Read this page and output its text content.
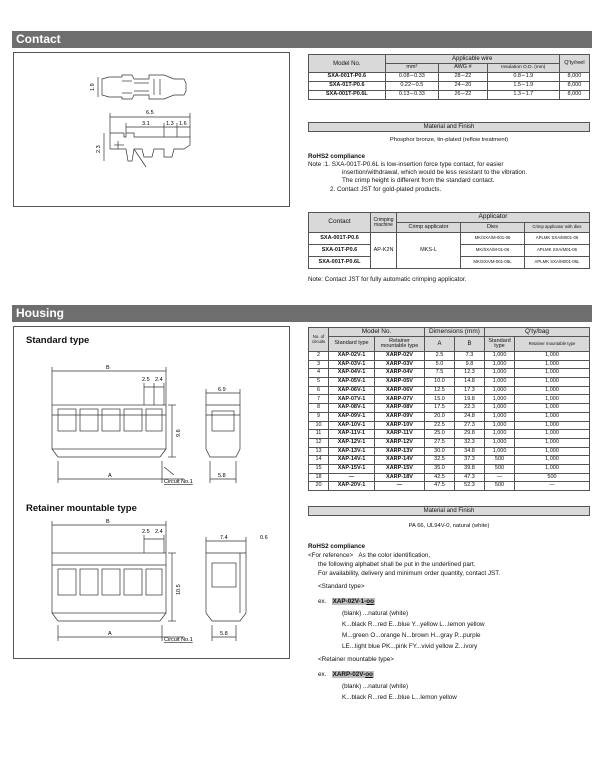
Contact
1.9
6.5
3.1	1.3 1.6
2.3
Model No.	Applicable wire			Q'ty/reel
	mm²	AWG #	Insulation O.D. (mm)	
SXA-001T-P0.6	0.08∼0.33	28∼22	0.8∼1.9	8,000
SXA-01T-P0.6	0.22∼0.5	24∼20	1.5∼1.9	8,000
SXA-001T-P0.6L	0.13∼0.33	26∼22	1.3∼1.7	8,000
Material and Finish
Phosphor bronze, tin-plated (reflow treatment)
RoHS2 compliance
Note :1. SXA-001T-P0.6L is low-insertion force type contact, for easier
insertion/withdrawal, which would be less resistant to the vibration.
The crimp height is different from the standard contact.
2. Contact JST for gold-plated products.
Contact	Crimping machine	Applicator		
		Crimp applicator	Dies	Crimp applicator with dies
SXA-001T-P0.6	AP-K2N	MKS-L	MK/SXA/M-001-06	APLMK SXA/M001-06
SXA-01T-P0.6			MK/SXA/M-01-06	APLMK SXA/M01-06
SXA-001T-P0.6L			MK/SXA/M-001-06L	APLMK SXA/M001-06L
Note: Contact JST for fully automatic crimping applicator.
Housing
Standard type
B
2.5 2.4
6.9
9.6
A
Circuit No.1
5.8
Retainer mountable type
B
2.5 2.4
7.4	0.6
10.5
A
Circuit No.1
5.8
No. of circuits	Model No.		Dimensions (mm)		Q'ty/bag	
	Standard type	Retainer mountable type	A	B	Standard type	Retainer mountable type
2	XAP-02V-1	XARP-02V	2.5	7.3	1,000	1,000
3	XAP-03V-1	XARP-03V	5.0	9.8	1,000	1,000
4	XAP-04V-1	XARP-04V	7.5	12.3	1,000	1,000
5	XAP-05V-1	XARP-05V	10.0	14.8	1,000	1,000
6	XAP-06V-1	XARP-06V	12.5	17.3	1,000	1,000
7	XAP-07V-1	XARP-07V	15.0	19.8	1,000	1,000
8	XAP-08V-1	XARP-08V	17.5	22.3	1,000	1,000
9	XAP-09V-1	XARP-09V	20.0	24.8	1,000	1,000
10	XAP-10V-1	XARP-10V	22.5	27.3	1,000	1,000
11	XAP-11V-1	XARP-11V	25.0	29.8	1,000	1,000
12	XAP-12V-1	XARP-12V	27.5	32.3	1,000	1,000
13	XAP-13V-1	XARP-13V	30.0	34.8	1,000	1,000
14	XAP-14V-1	XARP-14V	32.5	37.3	500	1,000
15	XAP-15V-1	XARP-15V	35.0	39.8	500	1,000
18	—	XARP-18V	42.5	47.3	—	500
20	XAP-20V-1	—	47.5	52.3	500	—
Material and Finish
PA 66, UL94V-0, natural (white)
RoHS2 compliance
<For reference> As the color identification,
the following alphabet shall be put in the underlined part.
For availability, delivery and minimum order quantity, contact JST.
<Standard type>
ex. XAP-02V-1-oo
(blank) ...natural (white)
K...black R...red E...blue Y...yellow L...lemon yellow
M...green O...orange N...brown H...gray P...purple
LE...light blue PK...pink FY...vivid yellow Z...ivory
<Retainer mountable type>
ex. XARP-02V-oo
(blank) ...natural (white)
K...black R...red E...blue L...lemon yellow
